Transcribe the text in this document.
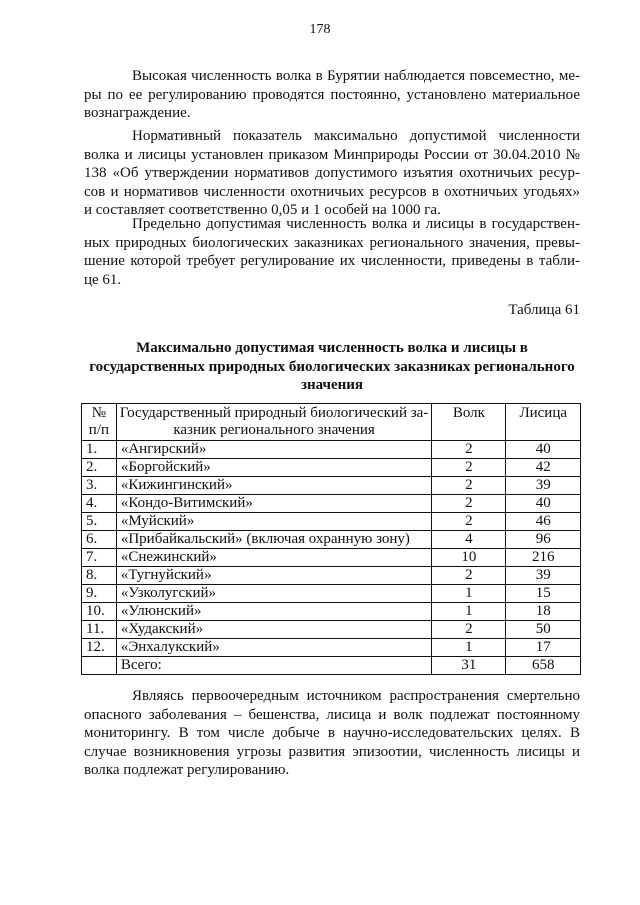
178
Высокая численность волка в Бурятии наблюдается повсеместно, ме-
ры по ее регулированию проводятся постоянно, установлено материальное
вознаграждение.
Нормативный показатель максимально допустимой численности
волка и лисицы установлен приказом Минприроды России от 30.04.2010 №
138 «Об утверждении нормативов допустимого изъятия охотничьих ресур-
сов и нормативов численности охотничьих ресурсов в охотничьих угодьях»
и составляет соответственно 0,05 и 1 особей на 1000 га.
Предельно допустимая численность волка и лисицы в государствен-
ных природных биологических заказниках регионального значения, превы-
шение которой требует регулирование их численности, приведены в табли-
це 61.
Таблица 61
Максимально допустимая численность волка и лисицы в
государственных природных биологических заказниках регионального
значения
№
п/п	Государственный природный биологический за-
казник регионального значения	Волк	Лисица
1.	«Ангирский»	2	40
2.	«Боргойский»	2	42
3.	«Кижингинский»	2	39
4.	«Кондо-Витимский»	2	40
5.	«Муйский»	2	46
6.	«Прибайкальский» (включая охранную зону)	4	96
7.	«Снежинский»	10	216
8.	«Тугнуйский»	2	39
9.	«Узколугский»	1	15
10.	«Улюнский»	1	18
11.	«Худакский»	2	50
12.	«Энхалукский»	1	17
	Всего:	31	658
Являясь первоочередным источником распространения смертельно
опасного заболевания – бешенства, лисица и волк подлежат постоянному
мониторингу. В том числе добыче в научно-исследовательских целях. В
случае возникновения угрозы развития эпизоотии, численность лисицы и
волка подлежат регулированию.
